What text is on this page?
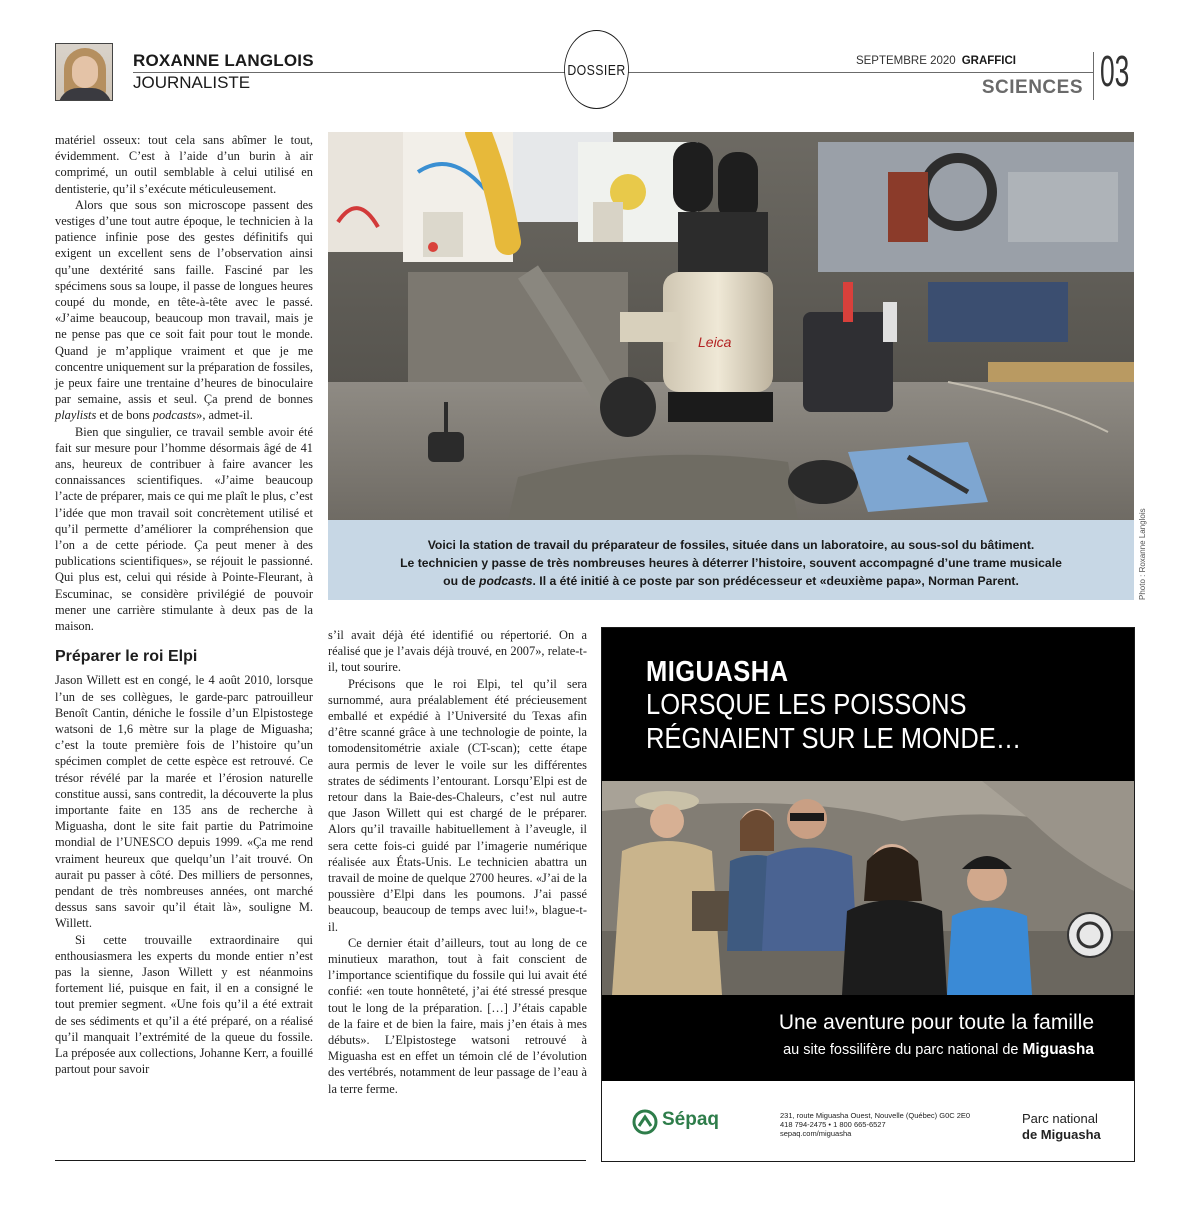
ROXANNE LANGLOIS
JOURNALISTE
DOSSIER
SEPTEMBRE 2020 GRAFFICI
SCIENCES 03

matériel osseux: tout cela sans abîmer le tout, évidemment. C’est à l’aide d’un burin à air comprimé, un outil semblable à celui utilisé en dentisterie, qu’il s’exécute méticuleusement.

Alors que sous son microscope passent des vestiges d’une tout autre époque, le technicien à la patience infinie pose des gestes définitifs qui exigent un excellent sens de l’observation ainsi qu’une dextérité sans faille. Fasciné par les spécimens sous sa loupe, il passe de longues heures coupé du monde, en tête-à-tête avec le passé. «J’aime beaucoup, beaucoup mon travail, mais je ne pense pas que ce soit fait pour tout le monde. Quand je m’applique vraiment et que je me concentre uniquement sur la préparation de fossiles, je peux faire une trentaine d’heures de binoculaire par semaine, assis et seul. Ça prend de bonnes playlists et de bons podcasts», admet-il.

Bien que singulier, ce travail semble avoir été fait sur mesure pour l’homme désormais âgé de 41 ans, heureux de contribuer à faire avancer les connaissances scientifiques. «J’aime beaucoup l’acte de préparer, mais ce qui me plaît le plus, c’est l’idée que mon travail soit concrètement utilisé et qu’il permette d’améliorer la compréhension que l’on a de cette période. Ça peut mener à des publications scientifiques», se réjouit le passionné. Qui plus est, celui qui réside à Pointe-Fleurant, à Escuminac, se considère privilégié de pouvoir mener une carrière stimulante à deux pas de la maison.

Préparer le roi Elpi

Jason Willett est en congé, le 4 août 2010, lorsque l’un de ses collègues, le garde-parc patrouilleur Benoît Cantin, déniche le fossile d’un Elpistostege watsoni de 1,6 mètre sur la plage de Miguasha; c’est la toute première fois de l’histoire qu’un spécimen complet de cette espèce est retrouvé. Ce trésor révélé par la marée et l’érosion naturelle constitue aussi, sans contredit, la découverte la plus importante faite en 135 ans de recherche à Miguasha, dont le site fait partie du Patrimoine mondial de l’UNESCO depuis 1999. «Ça me rend vraiment heureux que quelqu’un l’ait trouvé. On aurait pu passer à côté. Des milliers de personnes, pendant de très nombreuses années, ont marché dessus sans savoir qu’il était là», souligne M. Willett.

Si cette trouvaille extraordinaire qui enthousiasmera les experts du monde entier n’est pas la sienne, Jason Willett y est néanmoins fortement lié, puisque en fait, il en a consigné le tout premier segment. «Une fois qu’il a été extrait de ses sédiments et qu’il a été préparé, on a réalisé qu’il manquait l’extrémité de la queue du fossile. La préposée aux collections, Johanne Kerr, a fouillé partout pour savoir

s’il avait déjà été identifié ou répertorié. On a réalisé que je l’avais déjà trouvé, en 2007», relate-t-il, tout sourire.

Précisons que le roi Elpi, tel qu’il sera surnommé, aura préalablement été précieusement emballé et expédié à l’Université du Texas afin d’être scanné grâce à une technologie de pointe, la tomodensitométrie axiale (CT-scan); cette étape aura permis de lever le voile sur les différentes strates de sédiments l’entourant. Lorsqu’Elpi est de retour dans la Baie-des-Chaleurs, c’est nul autre que Jason Willett qui est chargé de le préparer. Alors qu’il travaille habituellement à l’aveugle, il sera cette fois-ci guidé par l’imagerie numérique réalisée aux États-Unis. Le technicien abattra un travail de moine de quelque 2700 heures. «J’ai de la poussière d’Elpi dans les poumons. J’ai passé beaucoup, beaucoup de temps avec lui!», blague-t-il.

Ce dernier était d’ailleurs, tout au long de ce minutieux marathon, tout à fait conscient de l’importance scientifique du fossile qui lui avait été confié: «en toute honnêteté, j’ai été stressé presque tout le long de la préparation. […] J’étais capable de la faire et de bien la faire, mais j’en étais à mes débuts». L’Elpistostege watsoni retrouvé à Miguasha est en effet un témoin clé de l’évolution des vertébrés, notamment de leur passage de l’eau à la terre ferme.

Leica
Voici la station de travail du préparateur de fossiles, située dans un laboratoire, au sous-sol du bâtiment.
Le technicien y passe de très nombreuses heures à déterrer l’histoire, souvent accompagné d’une trame musicale
ou de podcasts. Il a été initié à ce poste par son prédécesseur et «deuxième papa», Norman Parent.	Photo : Roxanne Langlois
MIGUASHA
LORSQUE LES POISSONS
RÉGNAIENT SUR LE MONDE…
Une aventure pour toute la famille
au site fossilifère du parc national de Miguasha
Sépaq	231, route Miguasha Ouest, Nouvelle (Québec) G0C 2E0
418 794-2475 • 1 800 665-6527
sepaq.com/miguasha
Parc national
de Miguasha
